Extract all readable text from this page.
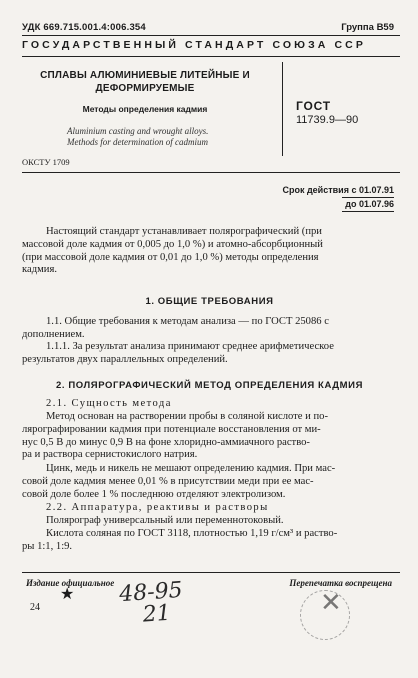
УДК 669.715.001.4:006.354	Группа В59
ГОСУДАРСТВЕННЫЙ СТАНДАРТ СОЮЗА ССР
СПЛАВЫ АЛЮМИНИЕВЫЕ ЛИТЕЙНЫЕ И
ДЕФОРМИРУЕМЫЕ
Методы определения кадмия
Aluminium casting and wrought alloys.
Methods for determination of cadmium
ГОСТ
11739.9—90
ОКСТУ 1709
Срок действия с 01.07.91
до 01.07.96
Настоящий стандарт устанавливает полярографический (при
массовой доле кадмия от 0,005 до 1,0 %) и атомно-абсорбционный
(при массовой доле кадмия от 0,01 до 1,0 %) методы определения
кадмия.
1. ОБЩИЕ ТРЕБОВАНИЯ
1.1. Общие требования к методам анализа — по ГОСТ 25086 с
дополнением.
1.1.1. За результат анализа принимают среднее арифметическое
результатов двух параллельных определений.
2. ПОЛЯРОГРАФИЧЕСКИЙ МЕТОД ОПРЕДЕЛЕНИЯ КАДМИЯ
2.1. Сущность метода
Метод основан на растворении пробы в соляной кислоте и по-
лярографировании кадмия при потенциале восстановления от ми-
нус 0,5 В до минус 0,9 В на фоне хлоридно-аммиачного раство-
ра и раствора сернистокислого натрия.
Цинк, медь и никель не мешают определению кадмия. При мас-
совой доле кадмия менее 0,01 % в присутствии меди при ее мас-
совой доле более 1 % последнюю отделяют электролизом.
2.2. Аппаратура, реактивы и растворы
Полярограф универсальный или переменнотоковый.
Кислота соляная по ГОСТ 3118, плотностью 1,19 г/см³ и раство-
ры 1:1, 1:9.
Издание официальное	Перепечатка воспрещена
24
★ 48-95
21	✕
